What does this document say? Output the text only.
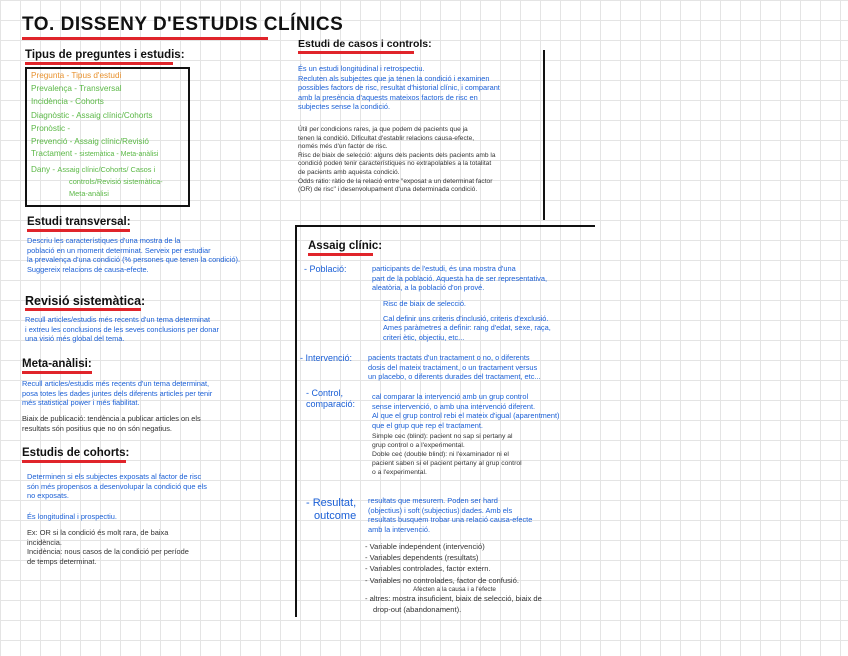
TO. DISSENY D'ESTUDIS CLÍNICS
Tipus de preguntes i estudis:
Pregunta - Tipus d'estudi
Prevalença - Transversal
Incidència - Cohorts
Diagnòstic - Assaig clínic/Cohorts
Pronòstic -
Prevenció - Assaig clínic/Revisió
Tractament - sistemàtica - Meta-anàlisi
Dany - Assaig clínic/Cohorts/ Casos i
controls/Revisió sistemàtica-
Meta-anàlisi
Estudi transversal:
Descriu les característiques d'una mostra de la
població en un moment determinat. Serveix per estudiar
la prevalença d'una condició (% persones que tenen la condició).
Suggereix relacions de causa-efecte.
Revisió sistemàtica:
Recull articles/estudis més recents d'un tema determinat
i extreu les conclusions de les seves conclusions per donar
una visió més global del tema.
Meta-anàlisi:
Recull articles/estudis més recents d'un tema determinat,
posa totes les dades juntes dels diferents articles per tenir
més statistical power i més fiabilitat.
Biaix de publicació: tendència a publicar articles on els
resultats són positius que no on són negatius.
Estudis de cohorts:
Determinen si els subjectes exposats al factor de risc
són més propensos a desenvolupar la condició que els
no exposats.
És longitudinal i prospectiu.
Ex: OR si la condició és molt rara, de baixa
incidència.
Incidència: nous casos de la condició per període
de temps determinat.
Estudi de casos i controls:
És un estudi longitudinal i retrospectiu.
Recluten als subjectes que ja tenen la condició i examinen
possibles factors de risc, resultat d'historial clínic, i comparant
amb la presència d'aquests mateixos factors de risc en
subjectes sense la condició.
Útil per condicions rares, ja que podem de pacients que ja
tenen la condició. Dificultat d'establir relacions causa-efecte,
només més d'un factor de risc.
Risc de biaix de selecció: alguns dels pacients dels pacients amb la
condició poden tenir característiques no extrapolables a la totalitat
de pacients amb aquesta condició.
Odds ratio: ràtio de la relació entre "exposat a un determinat factor
(OR) de risc" i desenvolupament d'una determinada condició.
Assaig clínic:
- Població:	participants de l'estudi, és una mostra d'una
part de la població. Aquesta ha de ser representativa,
aleatòria, a la població d'on prové.
Risc de biaix de selecció.
Cal definir uns criteris d'inclusió, criteris d'exclusió.
Ames paràmetres a definir: rang d'edat, sexe, raça,
criteri ètic, objectiu, etc...
- Intervenció: pacients tractats d'un tractament o no, o diferents
dosis del mateix tractament, o un tractament versus
un placebo, o diferents durades del tractament, etc...
- Control,
comparació:
cal comparar la intervenció amb un grup control
sense intervenció, o amb una intervenció diferent.
Al que el grup control rebi el mateix d'igual (aparentment)
que el grup que rep el tractament.
Simple cec (blind): pacient no sap si pertany al
grup control o a l'experimental.
Doble cec (double blind): ni l'examinador ni el
pacient saben si el pacient pertany al grup control
o a l'experimental.
- Resultat,
outcome
resultats que mesurem. Poden ser hard
(objectius) i soft (subjectius) dades. Amb els
resultats busquem trobar una relació causa-efecte
amb la intervenció.
- Variable independent (intervenció)
- Variables dependents (resultats)
- Variables controlades, factor extern.
- Variables no controlades, factor de confusió.
Afecten a la causa i a l'efecte
- altres: mostra insuficient, biaix de selecció, biaix de
drop-out (abandonament).
